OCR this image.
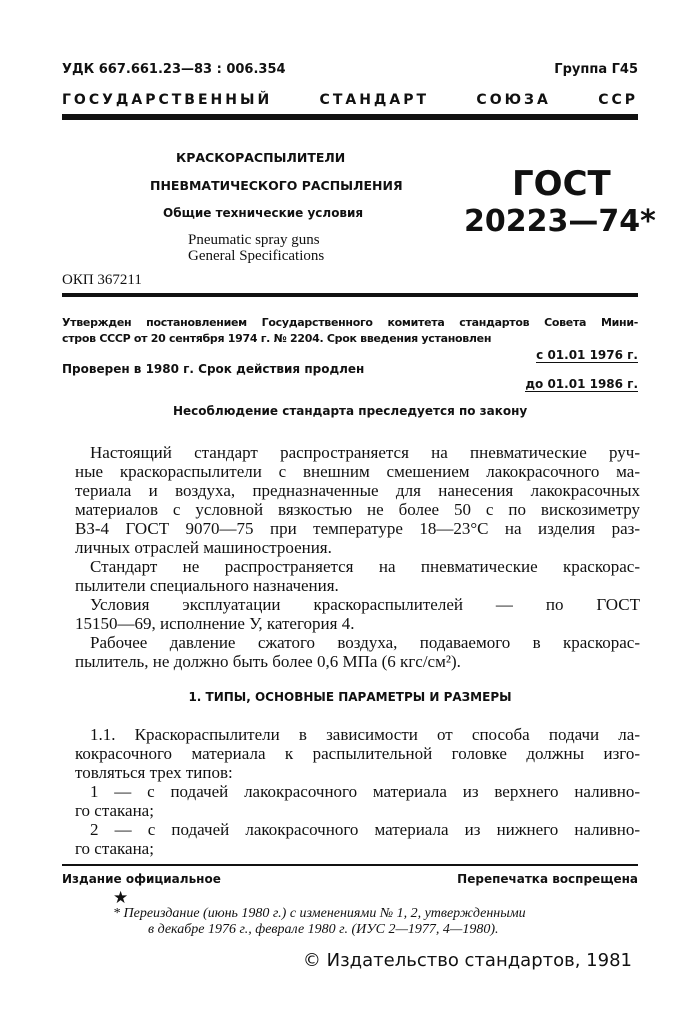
УДК 667.661.23—83 : 006.354	Группа Г45
ГОСУДАРСТВЕННЫЙ СТАНДАРТ СОЮЗА ССР
КРАСКОРАСПЫЛИТЕЛИ
ПНЕВМАТИЧЕСКОГО РАСПЫЛЕНИЯ
Общие технические условия
Pneumatic spray guns
General Specifications
ОКП 367211
ГОСТ
20223—74*
Утвержден постановлением Государственного комитета стандартов Совета Мини-
стров СССР от 20 сентября 1974 г. № 2204. Срок введения установлен
с 01.01 1976 г.
Проверен в 1980 г. Срок действия продлен
до 01.01 1986 г.
Несоблюдение стандарта преследуется по закону
Настоящий стандарт распространяется на пневматические руч-
ные краскораспылители с внешним смешением лакокрасочного ма-
териала и воздуха, предназначенные для нанесения лакокрасочных
материалов с условной вязкостью не более 50 с по вискозиметру
ВЗ-4 ГОСТ 9070—75 при температуре 18—23°С на изделия раз-
личных отраслей машиностроения.
Стандарт не распространяется на пневматические краскорас-
пылители специального назначения.
Условия эксплуатации краскораспылителей — по ГОСТ
15150—69, исполнение У, категория 4.
Рабочее давление сжатого воздуха, подаваемого в краскорас-
пылитель, не должно быть более 0,6 МПа (6 кгс/см²).
1. ТИПЫ, ОСНОВНЫЕ ПАРАМЕТРЫ И РАЗМЕРЫ
1.1. Краскораспылители в зависимости от способа подачи ла-
кокрасочного материала к распылительной головке должны изго-
товляться трех типов:
1 — с подачей лакокрасочного материала из верхнего наливно-
го стакана;
2 — с подачей лакокрасочного материала из нижнего наливно-
го стакана;
Издание официальное	Перепечатка воспрещена
★
* Переиздание (июнь 1980 г.) с изменениями № 1, 2, утвержденными
в декабре 1976 г., феврале 1980 г. (ИУС 2—1977, 4—1980).
© Издательство стандартов, 1981
